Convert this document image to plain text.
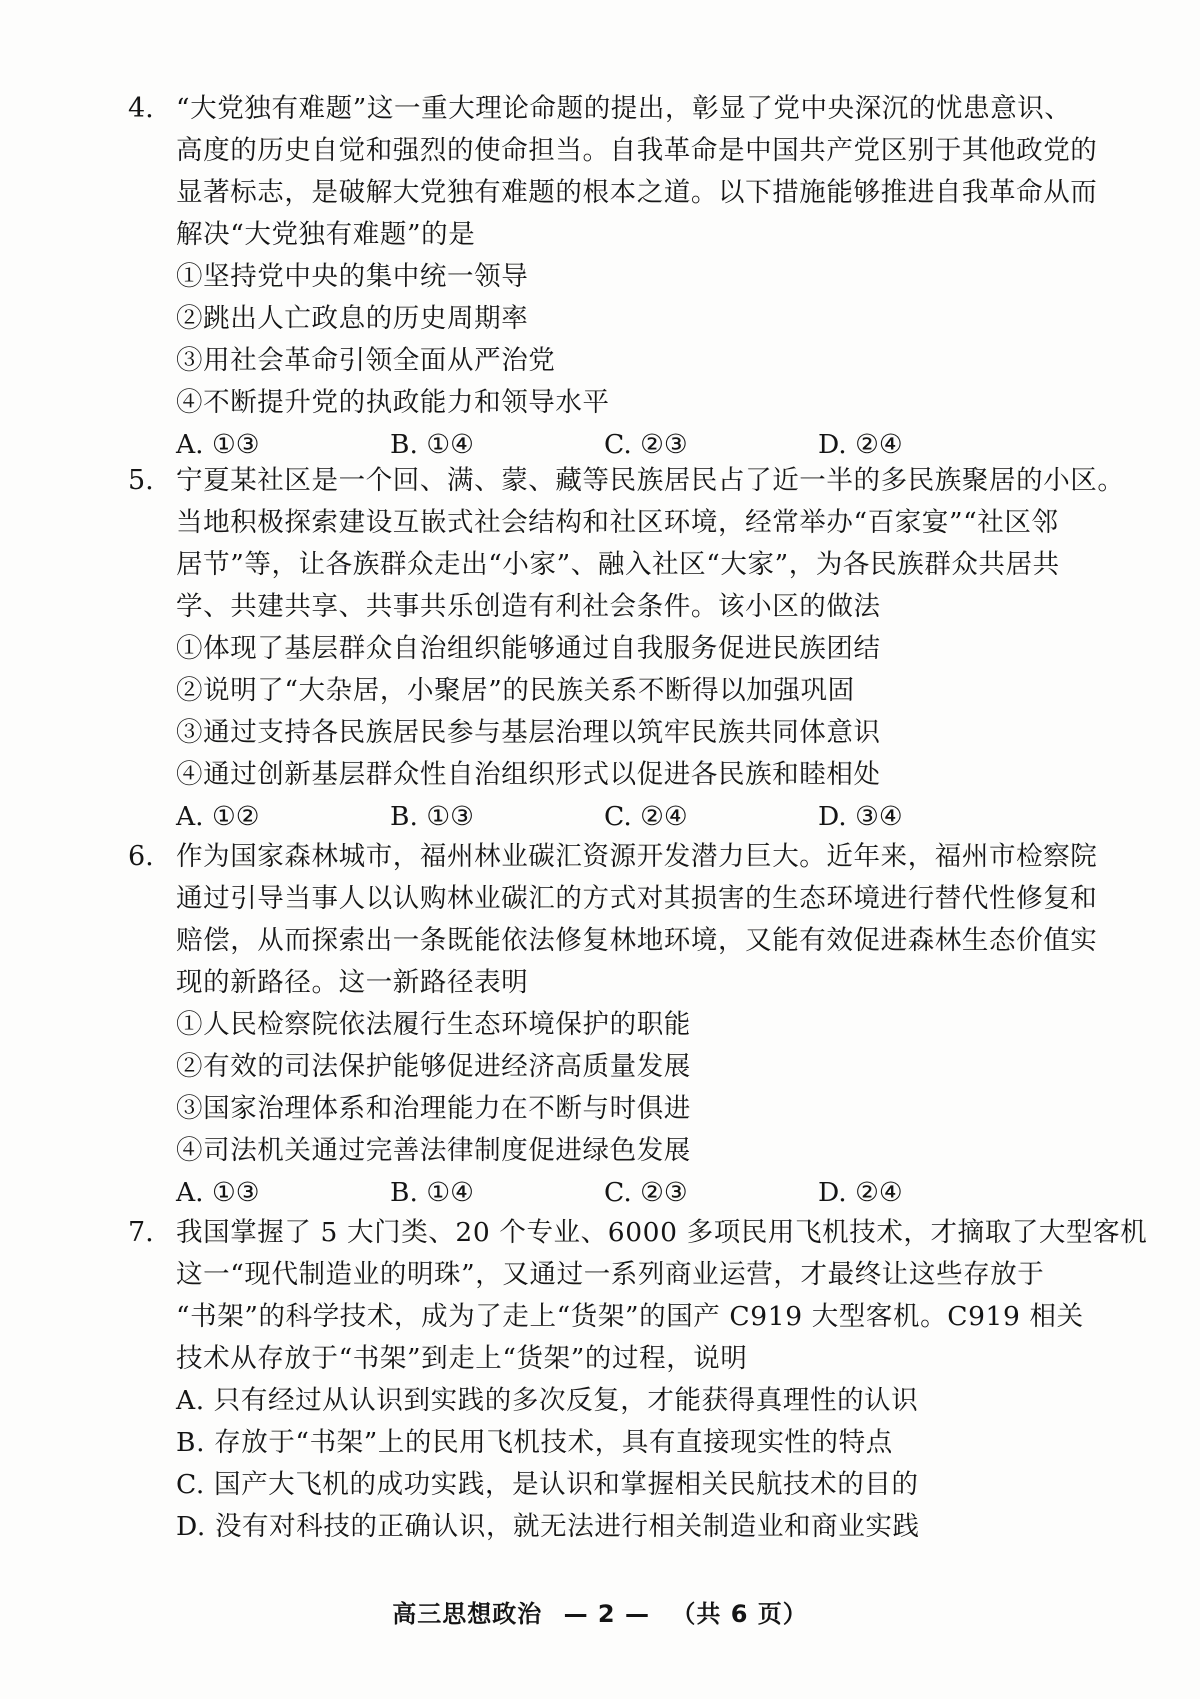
4. “大党独有难题”这一重大理论命题的提出，彰显了党中央深沉的忧患意识、
高度的历史自觉和强烈的使命担当。自我革命是中国共产党区别于其他政党的
显著标志，是破解大党独有难题的根本之道。以下措施能够推进自我革命从而
解决“大党独有难题”的是

①坚持党中央的集中统一领导
②跳出人亡政息的历史周期率
③用社会革命引领全面从严治党
④不断提升党的执政能力和领导水平
A. ①③	B. ①④	C. ②③	D. ②④
5. 宁夏某社区是一个回、满、蒙、藏等民族居民占了近一半的多民族聚居的小区。
当地积极探索建设互嵌式社会结构和社区环境，经常举办“百家宴”“社区邻
居节”等，让各族群众走出“小家”、融入社区“大家”，为各民族群众共居共
学、共建共享、共事共乐创造有利社会条件。该小区的做法

①体现了基层群众自治组织能够通过自我服务促进民族团结
②说明了“大杂居，小聚居”的民族关系不断得以加强巩固
③通过支持各民族居民参与基层治理以筑牢民族共同体意识
④通过创新基层群众性自治组织形式以促进各民族和睦相处
A. ①②	B. ①③	C. ②④	D. ③④
6. 作为国家森林城市，福州林业碳汇资源开发潜力巨大。近年来，福州市检察院
通过引导当事人以认购林业碳汇的方式对其损害的生态环境进行替代性修复和
赔偿，从而探索出一条既能依法修复林地环境，又能有效促进森林生态价值实
现的新路径。这一新路径表明

①人民检察院依法履行生态环境保护的职能
②有效的司法保护能够促进经济高质量发展
③国家治理体系和治理能力在不断与时俱进
④司法机关通过完善法律制度促进绿色发展
A. ①③	B. ①④	C. ②③	D. ②④
7. 我国掌握了 5 大门类、20 个专业、6000 多项民用飞机技术，才摘取了大型客机
这一“现代制造业的明珠”，又通过一系列商业运营，才最终让这些存放于
“书架”的科学技术，成为了走上“货架”的国产 C919 大型客机。C919 相关
技术从存放于“书架”到走上“货架”的过程，说明

A. 只有经过从认识到实践的多次反复，才能获得真理性的认识
B. 存放于“书架”上的民用飞机技术，具有直接现实性的特点
C. 国产大飞机的成功实践，是认识和掌握相关民航技术的目的
D. 没有对科技的正确认识，就无法进行相关制造业和商业实践
高三思想政治 — 2 — （共 6 页）
